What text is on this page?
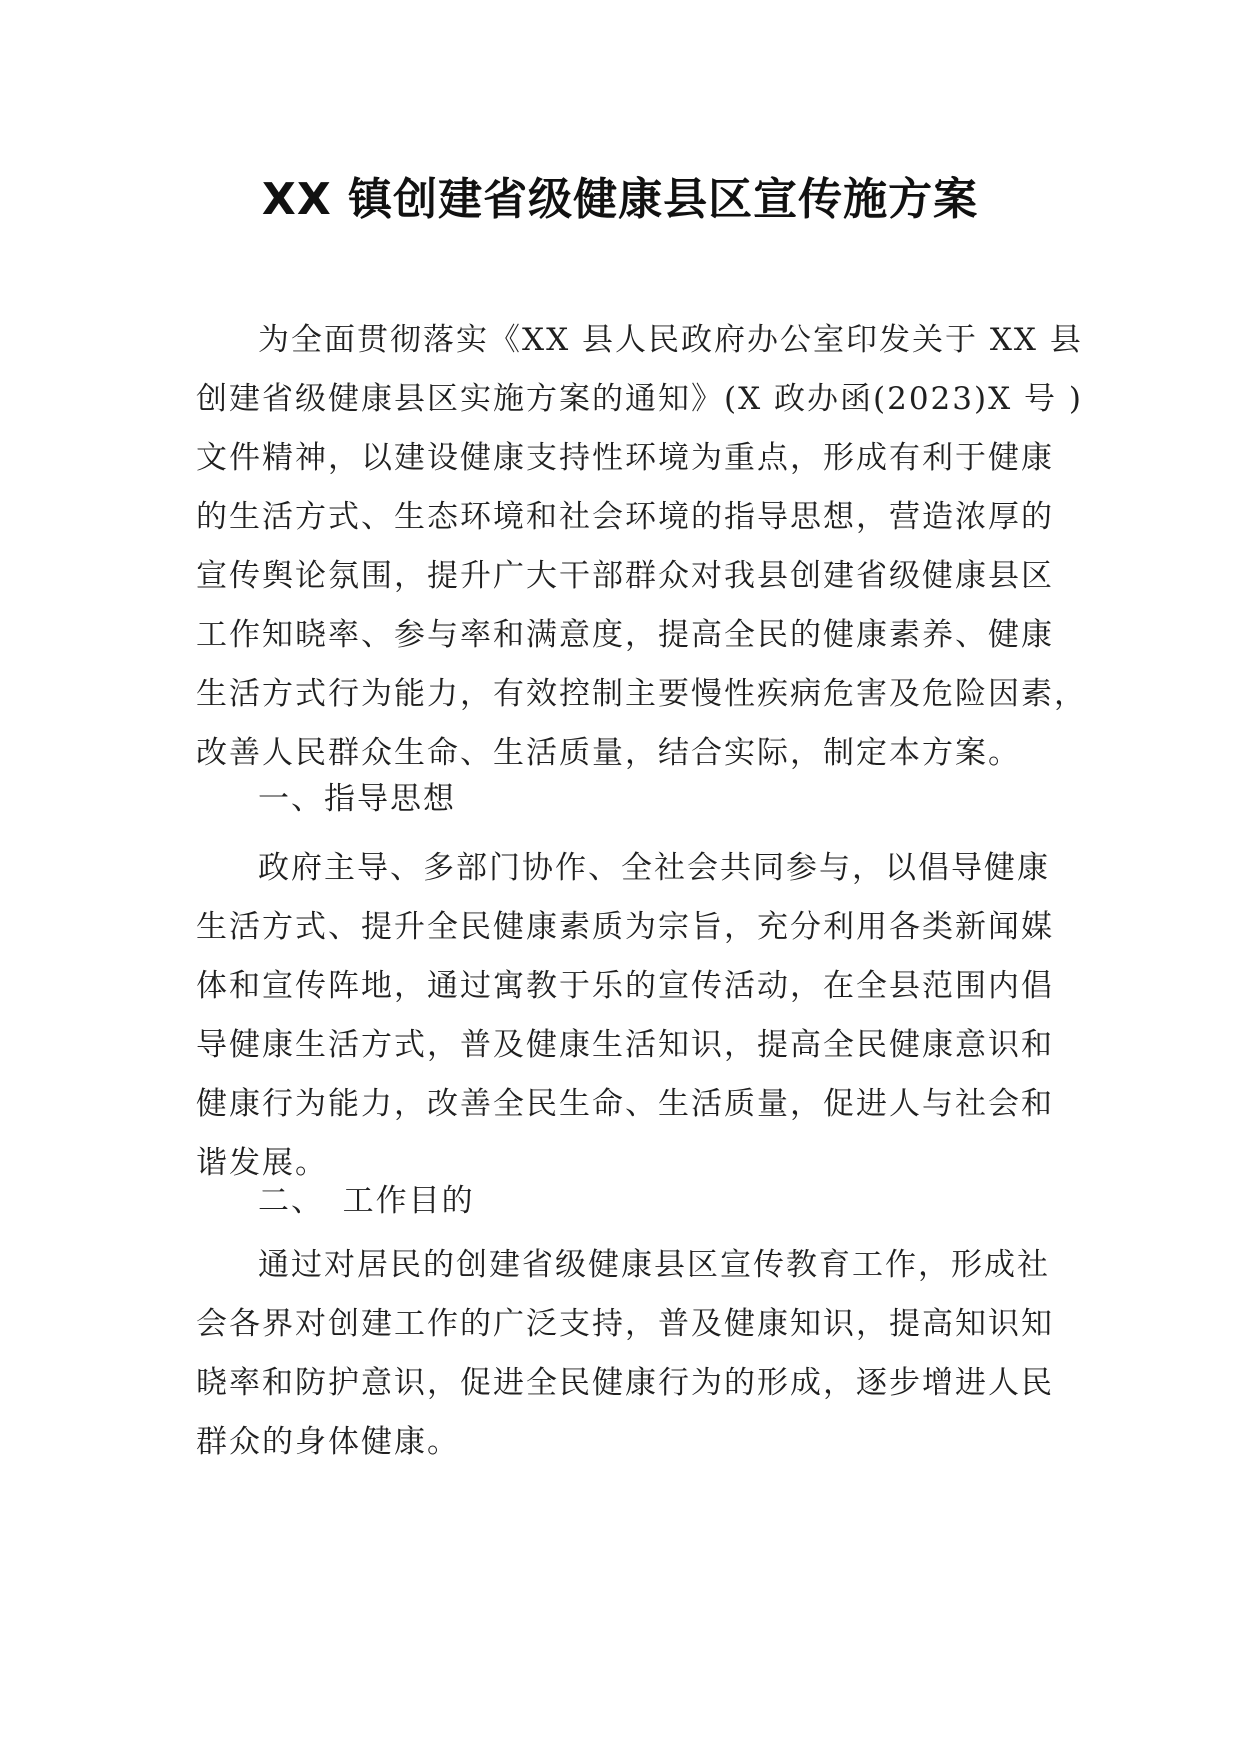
XX 镇创建省级健康县区宣传施方案
为全面贯彻落实《XX 县人民政府办公室印发关于 XX 县
创建省级健康县区实施方案的通知》(X 政办函(2023)X 号 )
文件精神，以建设健康支持性环境为重点，形成有利于健康
的生活方式、生态环境和社会环境的指导思想，营造浓厚的
宣传舆论氛围，提升广大干部群众对我县创建省级健康县区
工作知晓率、参与率和满意度，提高全民的健康素养、健康
生活方式行为能力，有效控制主要慢性疾病危害及危险因素，
改善人民群众生命、生活质量，结合实际，制定本方案。
一、指导思想
政府主导、多部门协作、全社会共同参与，以倡导健康
生活方式、提升全民健康素质为宗旨，充分利用各类新闻媒
体和宣传阵地，通过寓教于乐的宣传活动，在全县范围内倡
导健康生活方式，普及健康生活知识，提高全民健康意识和
健康行为能力，改善全民生命、生活质量，促进人与社会和
谐发展。
二、 工作目的
通过对居民的创建省级健康县区宣传教育工作，形成社
会各界对创建工作的广泛支持，普及健康知识，提高知识知
晓率和防护意识，促进全民健康行为的形成，逐步增进人民
群众的身体健康。
